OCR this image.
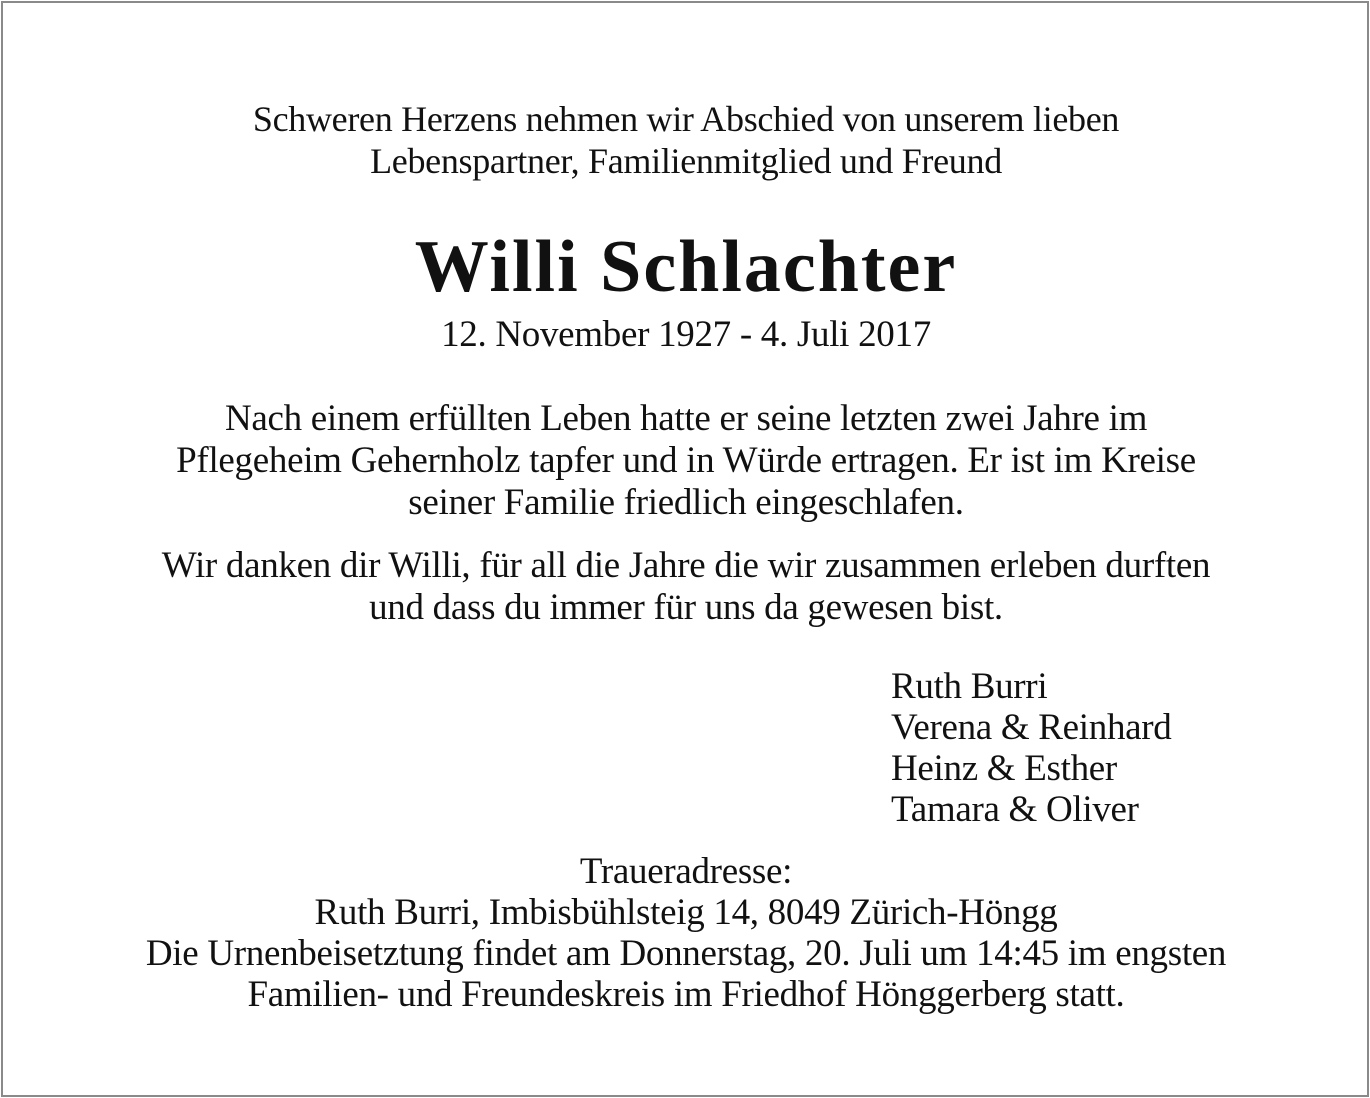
Schweren Herzens nehmen wir Abschied von unserem lieben
Lebenspartner, Familienmitglied und Freund
Willi Schlachter
12. November 1927 - 4. Juli 2017
Nach einem erfüllten Leben hatte er seine letzten zwei Jahre im
Pflegeheim Gehernholz tapfer und in Würde ertragen. Er ist im Kreise
seiner Familie friedlich eingeschlafen.
Wir danken dir Willi, für all die Jahre die wir zusammen erleben durften
und dass du immer für uns da gewesen bist.
Ruth Burri
Verena & Reinhard
Heinz & Esther
Tamara & Oliver
Traueradresse:
Ruth Burri, Imbisbühlsteig 14, 8049 Zürich-Höngg
Die Urnenbeisetztung findet am Donnerstag, 20. Juli um 14:45 im engsten
Familien- und Freundeskreis im Friedhof Hönggerberg statt.
